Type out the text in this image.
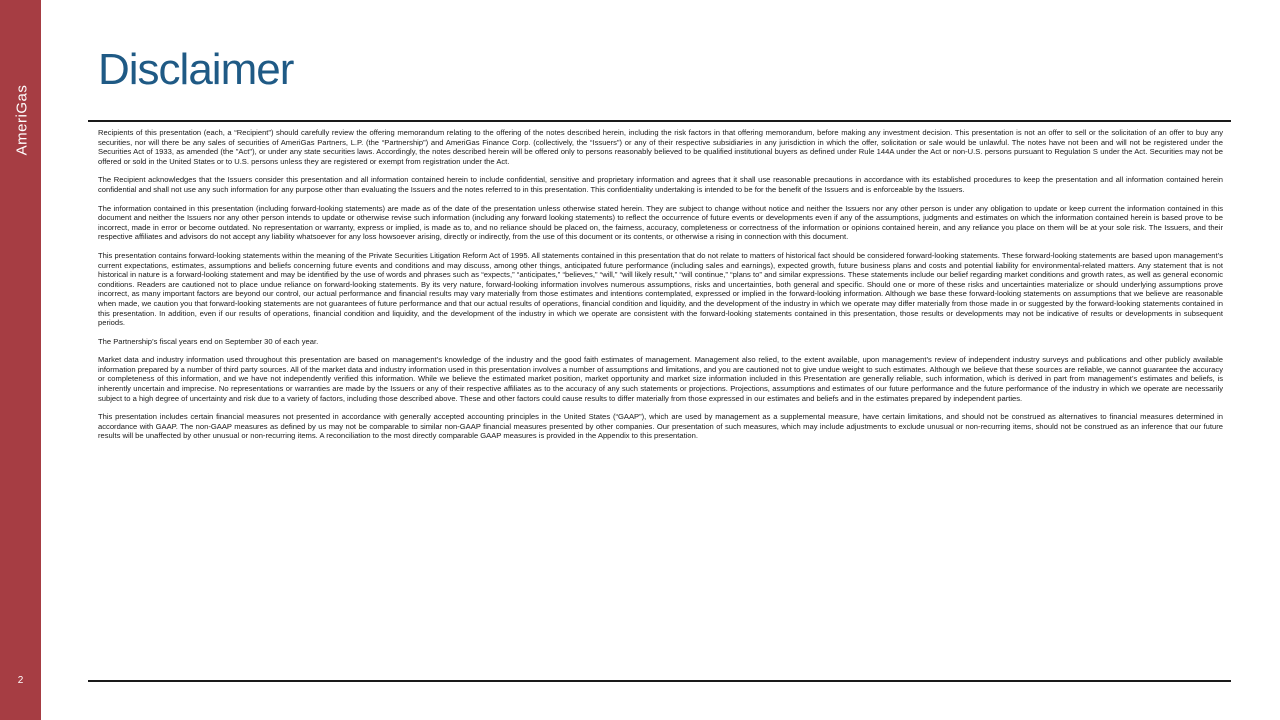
AmeriGas
2
Disclaimer

Recipients of this presentation (each, a “Recipient”) should carefully review the offering memorandum relating to the offering of the notes described herein, including the risk factors in that offering memorandum, before making any investment decision. This presentation is not an offer to sell or the solicitation of an offer to buy any securities, nor will there be any sales of securities of AmeriGas Partners, L.P. (the “Partnership”) and AmeriGas Finance Corp. (collectively, the “Issuers”) or any of their respective subsidiaries in any jurisdiction in which the offer, solicitation or sale would be unlawful. The notes have not been and will not be registered under the Securities Act of 1933, as amended (the "Act"), or under any state securities laws. Accordingly, the notes described herein will be offered only to persons reasonably believed to be qualified institutional buyers as defined under Rule 144A under the Act or non-U.S. persons pursuant to Regulation S under the Act. Securities may not be offered or sold in the United States or to U.S. persons unless they are registered or exempt from registration under the Act.

The Recipient acknowledges that the Issuers consider this presentation and all information contained herein to include confidential, sensitive and proprietary information and agrees that it shall use reasonable precautions in accordance with its established procedures to keep the presentation and all information contained herein confidential and shall not use any such information for any purpose other than evaluating the Issuers and the notes referred to in this presentation. This confidentiality undertaking is intended to be for the benefit of the Issuers and is enforceable by the Issuers.

The information contained in this presentation (including forward-looking statements) are made as of the date of the presentation unless otherwise stated herein. They are subject to change without notice and neither the Issuers nor any other person is under any obligation to update or keep current the information contained in this document and neither the Issuers nor any other person intends to update or otherwise revise such information (including any forward looking statements) to reflect the occurrence of future events or developments even if any of the assumptions, judgments and estimates on which the information contained herein is based prove to be incorrect, made in error or become outdated. No representation or warranty, express or implied, is made as to, and no reliance should be placed on, the fairness, accuracy, completeness or correctness of the information or opinions contained herein, and any reliance you place on them will be at your sole risk. The Issuers, and their respective affiliates and advisors do not accept any liability whatsoever for any loss howsoever arising, directly or indirectly, from the use of this document or its contents, or otherwise a rising in connection with this document.

This presentation contains forward-looking statements within the meaning of the Private Securities Litigation Reform Act of 1995. All statements contained in this presentation that do not relate to matters of historical fact should be considered forward-looking statements. These forward-looking statements are based upon management’s current expectations, estimates, assumptions and beliefs concerning future events and conditions and may discuss, among other things, anticipated future performance (including sales and earnings), expected growth, future business plans and costs and potential liability for environmental-related matters. Any statement that is not historical in nature is a forward-looking statement and may be identified by the use of words and phrases such as “expects,” “anticipates,” “believes,” “will,” “will likely result,” “will continue,” “plans to” and similar expressions. These statements include our belief regarding market conditions and growth rates, as well as general economic conditions. Readers are cautioned not to place undue reliance on forward-looking statements. By its very nature, forward-looking information involves numerous assumptions, risks and uncertainties, both general and specific. Should one or more of these risks and uncertainties materialize or should underlying assumptions prove incorrect, as many important factors are beyond our control, our actual performance and financial results may vary materially from those estimates and intentions contemplated, expressed or implied in the forward-looking information. Although we base these forward-looking statements on assumptions that we believe are reasonable when made, we caution you that forward-looking statements are not guarantees of future performance and that our actual results of operations, financial condition and liquidity, and the development of the industry in which we operate may differ materially from those made in or suggested by the forward-looking statements contained in this presentation. In addition, even if our results of operations, financial condition and liquidity, and the development of the industry in which we operate are consistent with the forward-looking statements contained in this presentation, those results or developments may not be indicative of results or developments in subsequent periods.

The Partnership’s fiscal years end on September 30 of each year.

Market data and industry information used throughout this presentation are based on management’s knowledge of the industry and the good faith estimates of management. Management also relied, to the extent available, upon management’s review of independent industry surveys and publications and other publicly available information prepared by a number of third party sources. All of the market data and industry information used in this presentation involves a number of assumptions and limitations, and you are cautioned not to give undue weight to such estimates. Although we believe that these sources are reliable, we cannot guarantee the accuracy or completeness of this information, and we have not independently verified this information. While we believe the estimated market position, market opportunity and market size information included in this Presentation are generally reliable, such information, which is derived in part from management’s estimates and beliefs, is inherently uncertain and imprecise. No representations or warranties are made by the Issuers or any of their respective affiliates as to the accuracy of any such statements or projections. Projections, assumptions and estimates of our future performance and the future performance of the industry in which we operate are necessarily subject to a high degree of uncertainty and risk due to a variety of factors, including those described above. These and other factors could cause results to differ materially from those expressed in our estimates and beliefs and in the estimates prepared by independent parties.

This presentation includes certain financial measures not presented in accordance with generally accepted accounting principles in the United States (“GAAP”), which are used by management as a supplemental measure, have certain limitations, and should not be construed as alternatives to financial measures determined in accordance with GAAP. The non-GAAP measures as defined by us may not be comparable to similar non-GAAP financial measures presented by other companies. Our presentation of such measures, which may include adjustments to exclude unusual or non-recurring items, should not be construed as an inference that our future results will be unaffected by other unusual or non-recurring items. A reconciliation to the most directly comparable GAAP measures is provided in the Appendix to this presentation.
